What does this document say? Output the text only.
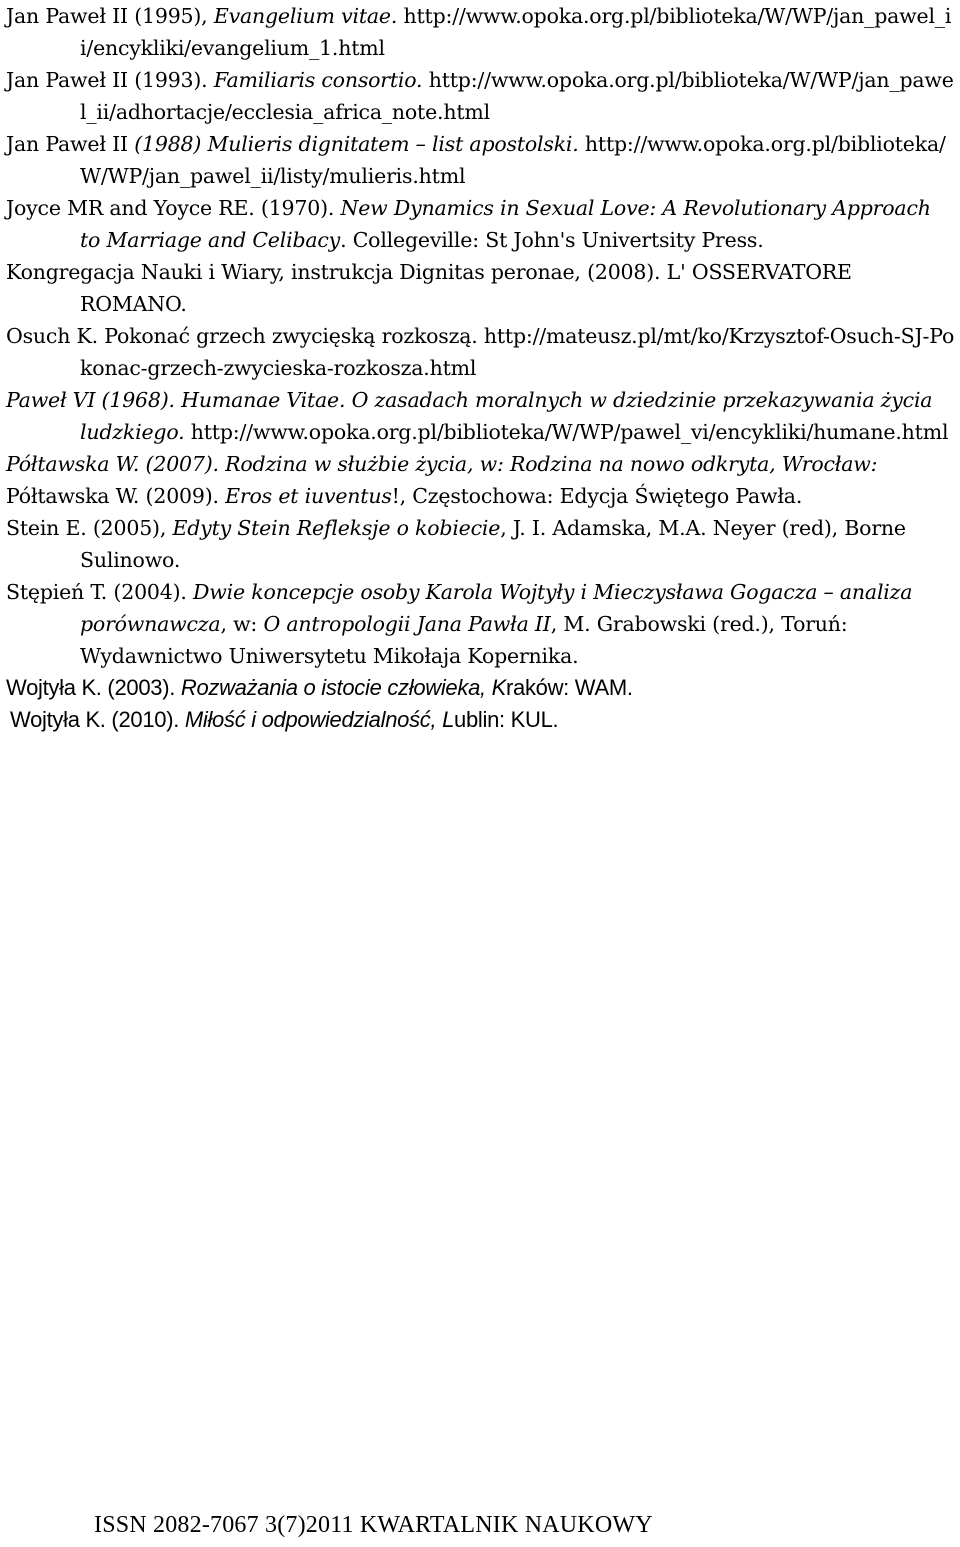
Jan Paweł II (1995), Evangelium vitae. http://www.opoka.org.pl/biblioteka/W/WP/jan_pawel_ii/encykliki/evangelium_1.html

Jan Paweł II (1993). Familiaris consortio. http://www.opoka.org.pl/biblioteka/W/WP/jan_pawel_ii/adhortacje/ecclesia_africa_note.html

Jan Paweł II (1988) Mulieris dignitatem – list apostolski. http://www.opoka.org.pl/biblioteka/W/WP/jan_pawel_ii/listy/mulieris.html

Joyce MR and Yoyce RE. (1970). New Dynamics in Sexual Love: A Revolutionary Approach to Marriage and Celibacy. Collegeville: St John's Univertsity Press.

Kongregacja Nauki i Wiary, instrukcja Dignitas peronae, (2008). L' OSSERVATORE ROMANO.

Osuch K. Pokonać grzech zwycięską rozkoszą. http://mateusz.pl/mt/ko/Krzysztof-Osuch-SJ-Pokonac-grzech-zwycieska-rozkosza.html

Paweł VI (1968). Humanae Vitae. O zasadach moralnych w dziedzinie przekazywania życia ludzkiego. http://www.opoka.org.pl/biblioteka/W/WP/pawel_vi/encykliki/humane.html

Półtawska W. (2007). Rodzina w służbie życia, w: Rodzina na nowo odkryta, Wrocław:

Półtawska W. (2009). Eros et iuventus!, Częstochowa: Edycja Świętego Pawła.

Stein E. (2005), Edyty Stein Refleksje o kobiecie, J. I. Adamska, M.A. Neyer (red), Borne Sulinowo.

Stępień T. (2004). Dwie koncepcje osoby Karola Wojtyły i Mieczysława Gogacza – analiza porównawcza, w: O antropologii Jana Pawła II, M. Grabowski (red.), Toruń: Wydawnictwo Uniwersytetu Mikołaja Kopernika.

Wojtyła K. (2003). Rozważania o istocie człowieka, Kraków: WAM.

Wojtyła K. (2010). Miłość i odpowiedzialność, Lublin: KUL.

ISSN 2082-7067 3(7)2011 KWARTALNIK NAUKOWY
